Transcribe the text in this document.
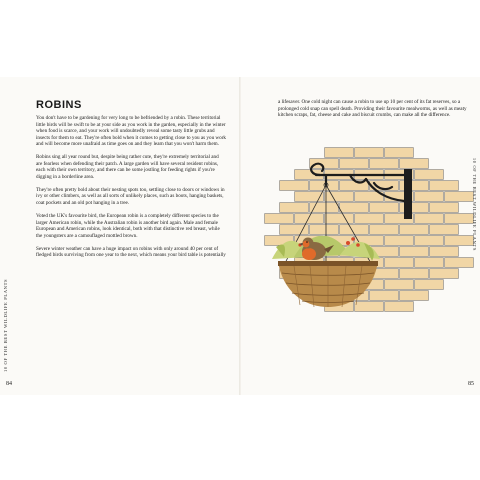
10 OF THE BEST WILDLIFE PLANTS
84
ROBINS

You don't have to be gardening for very long to be befriended by a robin. These territorial little birds will be swift to be at your side as you work in the garden, especially in the winter when food is scarce, and your work will undoubtedly reveal some tasty little grubs and insects for them to eat. They're often bold when it comes to getting close to you as you work and will become more unafraid as time goes on and they learn that you won't harm them.

Robins sing all year round but, despite being rather cute, they're extremely territorial and are fearless when defending their patch. A large garden will have several resident robins, each with their own territory, and there can be some jostling for feeding rights if you're digging in a borderline area.

They're often pretty bold about their nesting spots too, settling close to doors or windows in ivy or other climbers, as well as all sorts of unlikely places, such as boots, hanging baskets, coat pockets and an old pot hanging in a tree.

Voted the UK's favourite bird, the European robin is a completely different species to the larger American robin, while the Australian robin is another bird again. Male and female European and American robins, look identical, both with that distinctive red breast, while the youngsters are a camouflaged mottled brown.

Severe winter weather can have a huge impact on robins with only around 40 per cent of fledged birds surviving from one year to the next, which means your bird table is potentially

a lifesaver. One cold night can cause a robin to use up 10 per cent of its fat reserves, so a prolonged cold snap can spell death. Providing their favourite mealworms, as well as meaty kitchen scraps, fat, cheese and cake and biscuit crumbs, can make all the difference.
10 OF THE BEST WILDLIFE PLANTS
85
